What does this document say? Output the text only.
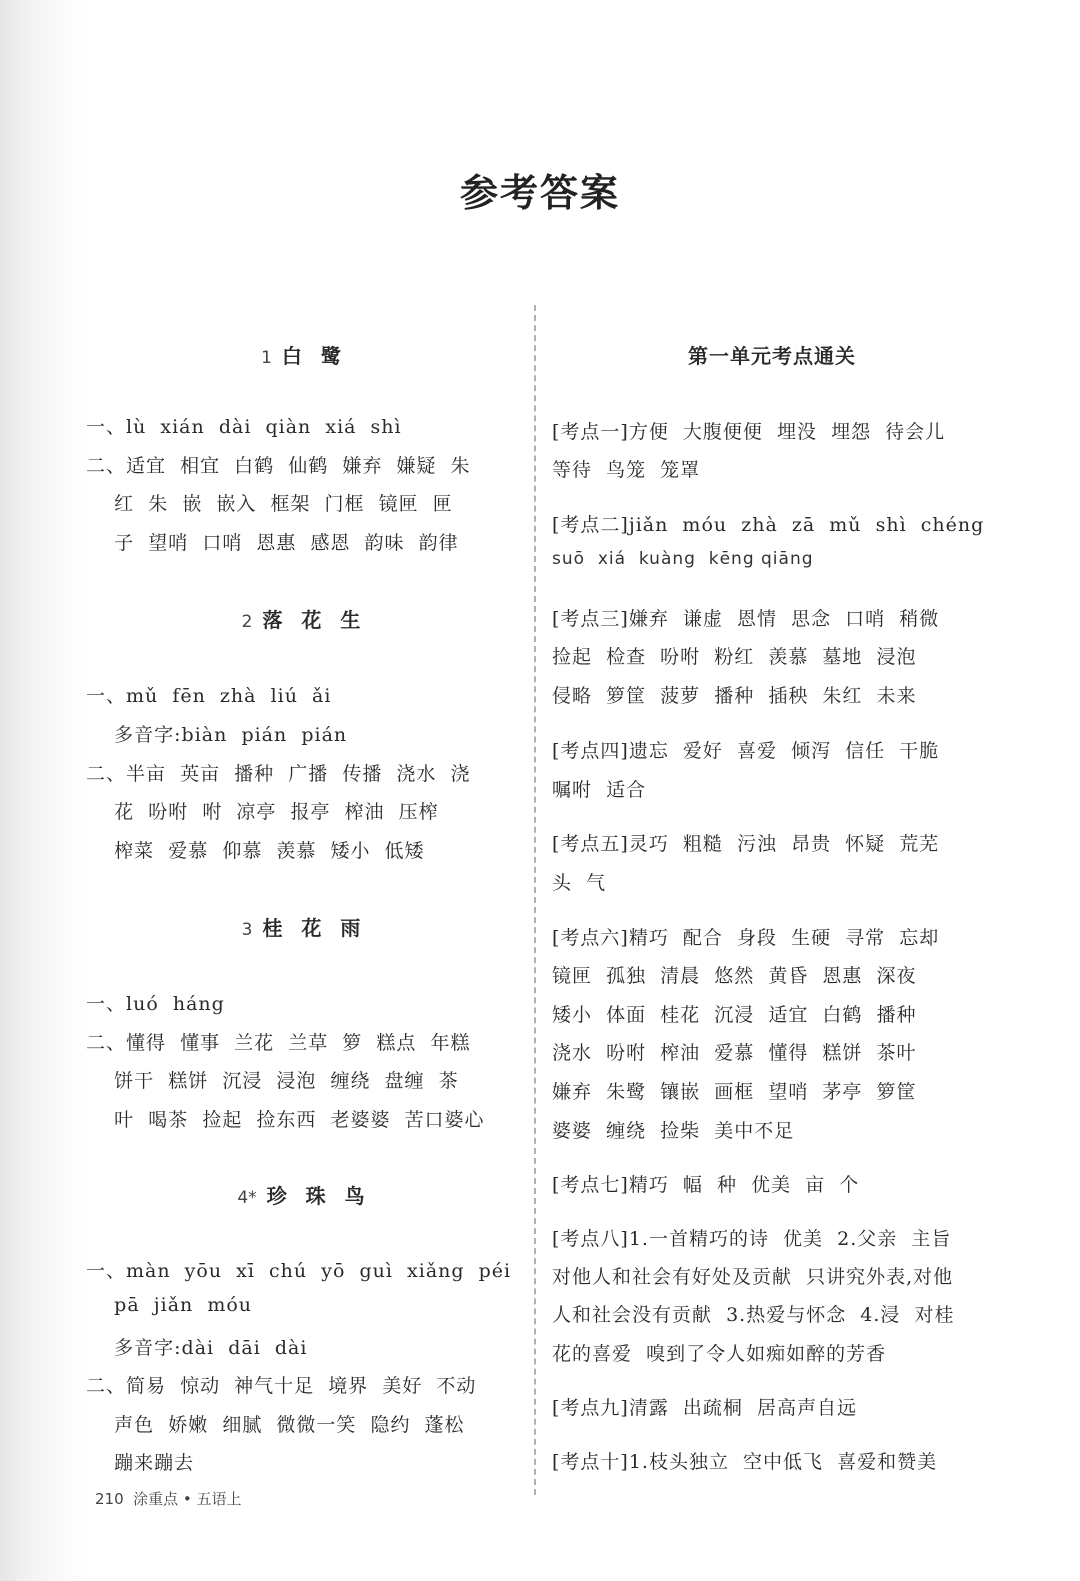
参考答案
1 白 鹭
一、lù  xián  dài  qiàn  xiá  shì
二、适宜  相宜  白鹤  仙鹤  嫌弃  嫌疑  朱
红  朱  嵌  嵌入  框架  门框  镜匣  匣
子  望哨  口哨  恩惠  感恩  韵味  韵律
2 落 花 生
一、mǔ  fēn  zhà  liú  ǎi
多音字:biàn  pián  pián
二、半亩  英亩  播种  广播  传播  浇水  浇
花  吩咐  咐  凉亭  报亭  榨油  压榨
榨菜  爱慕  仰慕  羡慕  矮小  低矮
3 桂 花 雨
一、luó  háng
二、懂得  懂事  兰花  兰草  箩  糕点  年糕
饼干  糕饼  沉浸  浸泡  缠绕  盘缠  茶
叶  喝茶  捡起  捡东西  老婆婆  苦口婆心
4* 珍 珠 鸟
一、màn  yōu  xī  chú  yō  guì  xiǎng  péi
pā  jiǎn  móu
多音字:dài  dāi  dài
二、简易  惊动  神气十足  境界  美好  不动
声色  娇嫩  细腻  微微一笑  隐约  蓬松
蹦来蹦去
第一单元考点通关
[考点一]方便  大腹便便  埋没  埋怨  待会儿
等待  鸟笼  笼罩
[考点二]jiǎn  móu  zhà  zā  mǔ  shì  chéng
suō  xiá  kuàng  kēng qiāng
[考点三]嫌弃  谦虚  恩情  思念  口哨  稍微
捡起  检查  吩咐  粉红  羡慕  墓地  浸泡
侵略  箩筐  菠萝  播种  插秧  朱红  未来
[考点四]遗忘  爱好  喜爱  倾泻  信任  干脆
嘱咐  适合
[考点五]灵巧  粗糙  污浊  昂贵  怀疑  荒芜
头  气
[考点六]精巧  配合  身段  生硬  寻常  忘却
镜匣  孤独  清晨  悠然  黄昏  恩惠  深夜
矮小  体面  桂花  沉浸  适宜  白鹤  播种
浇水  吩咐  榨油  爱慕  懂得  糕饼  茶叶
嫌弃  朱鹭  镶嵌  画框  望哨  茅亭  箩筐
婆婆  缠绕  捡柴  美中不足
[考点七]精巧  幅  种  优美  亩  个
[考点八]1.一首精巧的诗  优美  2.父亲  主旨
对他人和社会有好处及贡献  只讲究外表,对他
人和社会没有贡献  3.热爱与怀念  4.浸  对桂
花的喜爱  嗅到了令人如痴如醉的芳香
[考点九]清露  出疏桐  居高声自远
[考点十]1.枝头独立  空中低飞  喜爱和赞美
210  涂重点 • 五语上
